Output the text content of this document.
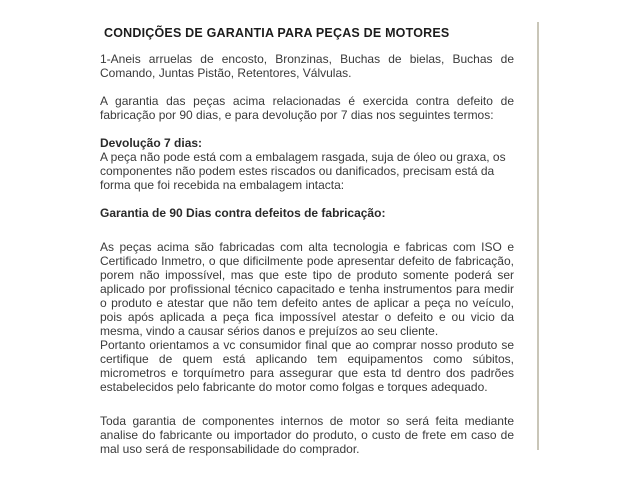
CONDIÇÕES DE GARANTIA PARA PEÇAS DE MOTORES

1-Aneis arruelas de encosto, Bronzinas, Buchas de bielas, Buchas de Comando, Juntas Pistão, Retentores, Válvulas.

A garantia das peças acima relacionadas é exercida contra defeito de fabricação por 90 dias, e para devolução por 7 dias nos seguintes termos:

Devolução 7 dias:

A peça não pode está com a embalagem rasgada, suja de óleo ou graxa, os componentes não podem estes riscados ou danificados, precisam está da forma que foi recebida na embalagem intacta:

Garantia de 90 Dias contra defeitos de fabricação:

As peças acima são fabricadas com alta tecnologia e fabricas com ISO e Certificado Inmetro, o que dificilmente pode apresentar defeito de fabricação, porem não impossível, mas que este tipo de produto somente poderá ser aplicado por profissional técnico capacitado e tenha instrumentos para medir o produto e atestar que não tem defeito antes de aplicar a peça no veículo, pois após aplicada a peça fica impossível atestar o defeito e ou vicio da mesma, vindo a causar sérios danos e prejuízos ao seu cliente.

Portanto orientamos a vc consumidor final que ao comprar nosso produto se certifique de quem está aplicando tem equipamentos como súbitos, micrometros e torquímetro para assegurar que esta td dentro dos padrões estabelecidos pelo fabricante do motor como folgas e torques adequado.

Toda garantia de componentes internos de motor so será feita mediante analise do fabricante ou importador do produto, o custo de frete em caso de mal uso será de responsabilidade do comprador.
